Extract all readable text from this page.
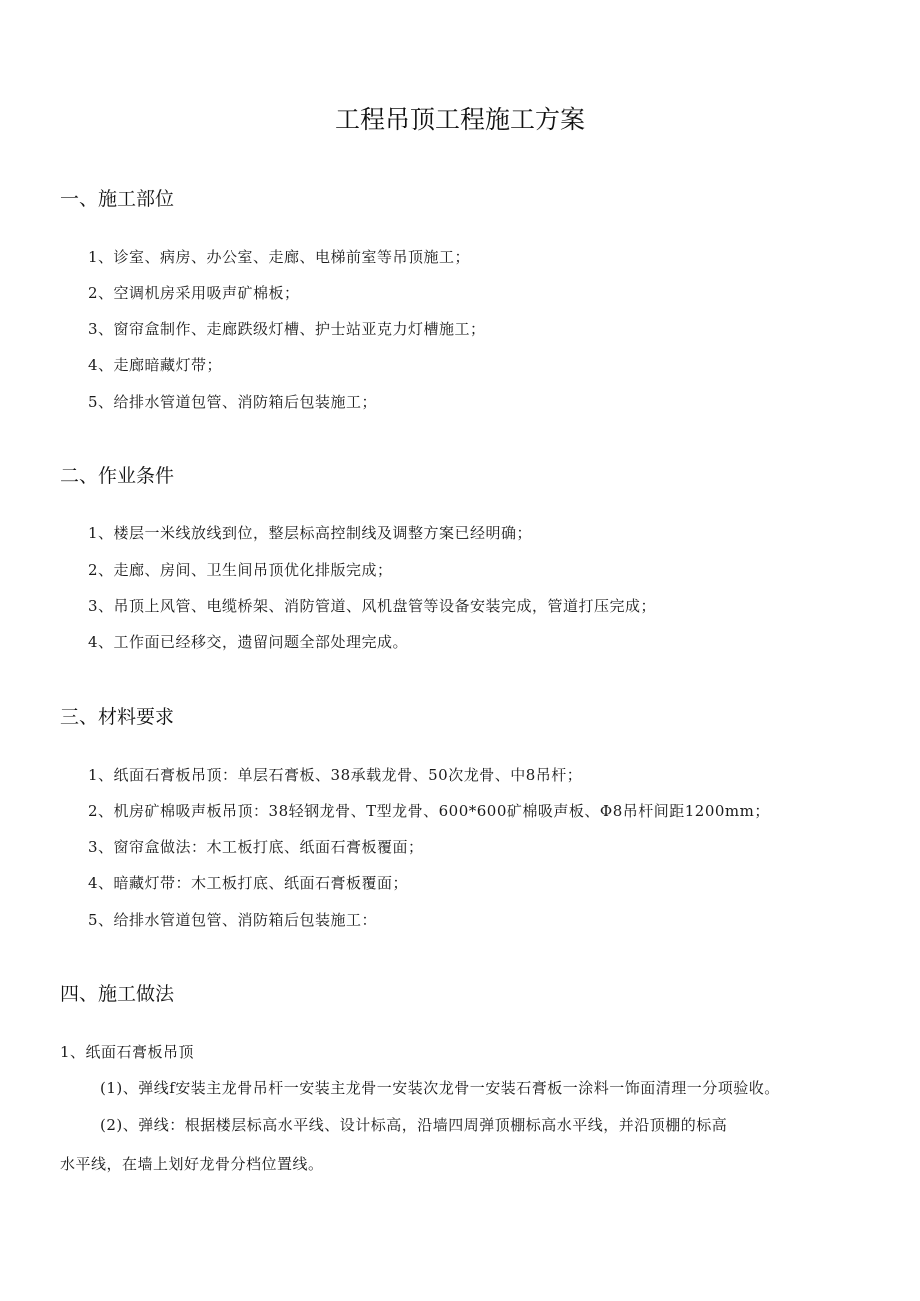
工程吊顶工程施工方案
一、施工部位

1、诊室、病房、办公室、走廊、电梯前室等吊顶施工；

2、空调机房采用吸声矿棉板；

3、窗帘盒制作、走廊跌级灯槽、护士站亚克力灯槽施工；

4、走廊暗藏灯带；

5、给排水管道包管、消防箱后包装施工；

二、作业条件

1、楼层一米线放线到位，整层标高控制线及调整方案已经明确；

2、走廊、房间、卫生间吊顶优化排版完成；

3、吊顶上风管、电缆桥架、消防管道、风机盘管等设备安装完成，管道打压完成；

4、工作面已经移交，遗留问题全部处理完成。

三、材料要求

1、纸面石膏板吊顶：单层石膏板、38承载龙骨、50次龙骨、中8吊杆；

2、机房矿棉吸声板吊顶：38轻钢龙骨、T型龙骨、600*600矿棉吸声板、Φ8吊杆间距1200mm；

3、窗帘盒做法：木工板打底、纸面石膏板覆面；

4、暗藏灯带：木工板打底、纸面石膏板覆面；

5、给排水管道包管、消防箱后包装施工：

四、施工做法

1、纸面石膏板吊顶

(1)、弹线f安装主龙骨吊杆一安装主龙骨一安装次龙骨一安装石膏板一涂料一饰面清理一分项验收。

(2)、弹线：根据楼层标高水平线、设计标高，沿墙四周弹顶棚标高水平线，并沿顶棚的标高

水平线，在墙上划好龙骨分档位置线。
